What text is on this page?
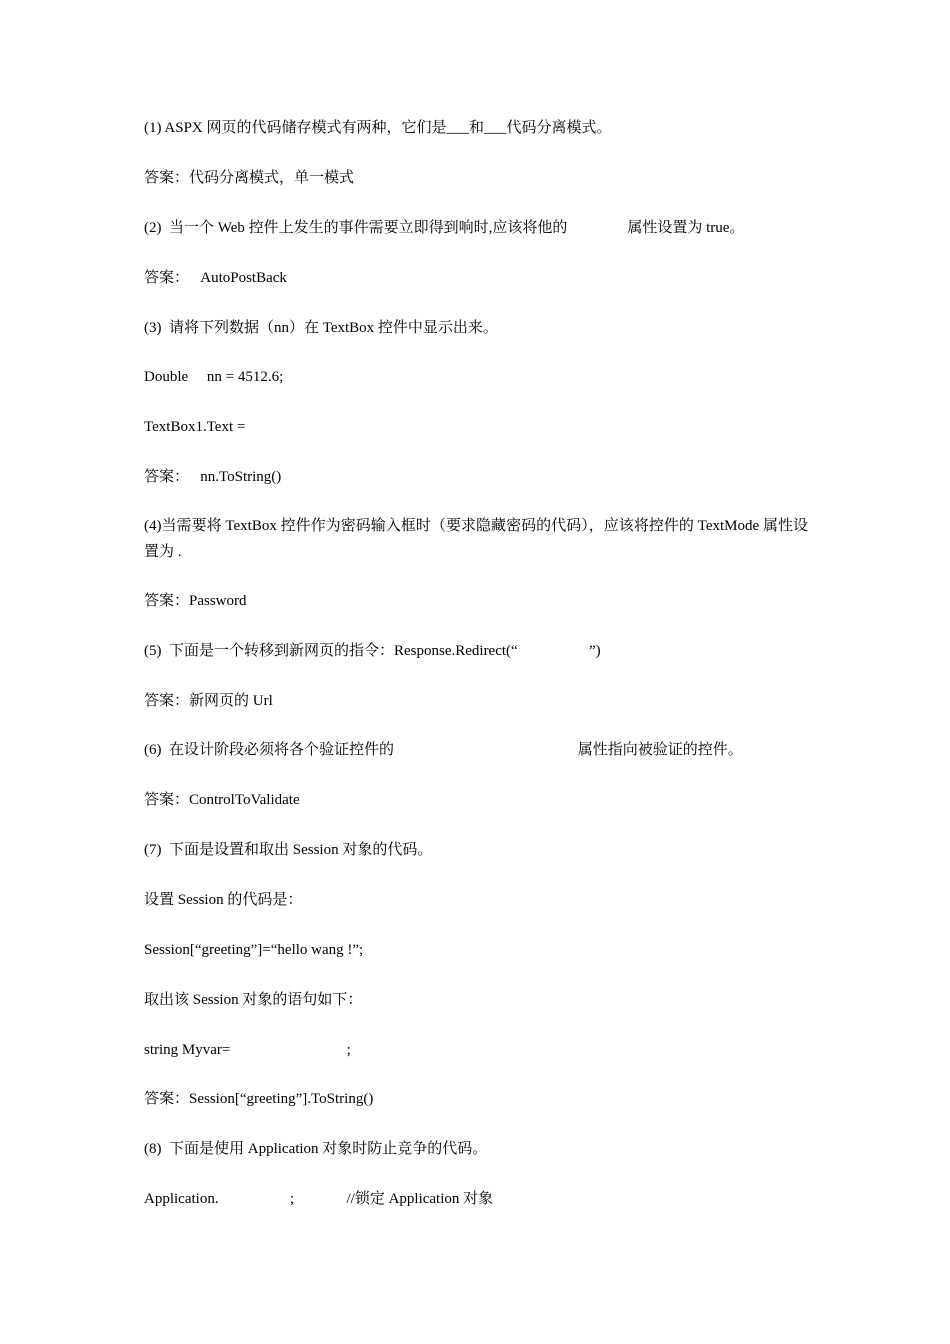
(1) ASPX 网页的代码储存模式有两种，它们是___和___代码分离模式。
答案：代码分离模式，单一模式
(2)  当一个 Web 控件上发生的事件需要立即得到响时,应该将他的                属性设置为 true。
答案：   AutoPostBack
(3)  请将下列数据（nn）在 TextBox 控件中显示出来。
Double     nn = 4512.6;
TextBox1.Text =
答案：   nn.ToString()
(4)当需要将 TextBox 控件作为密码输入框时（要求隐藏密码的代码），应该将控件的 TextMode 属性设置为 .
答案：Password
(5)  下面是一个转移到新网页的指令：Response.Redirect(“                   ”)
答案：新网页的 Url
(6)  在设计阶段必须将各个验证控件的                                                 属性指向被验证的控件。
答案：ControlToValidate
(7)  下面是设置和取出 Session 对象的代码。
设置 Session 的代码是：
Session[“greeting”]=“hello wang !”;
取出该 Session 对象的语句如下：
string Myvar=                               ;
答案：Session[“greeting”].ToString()
(8)  下面是使用 Application 对象时防止竞争的代码。
Application.                   ;              //锁定 Application 对象
